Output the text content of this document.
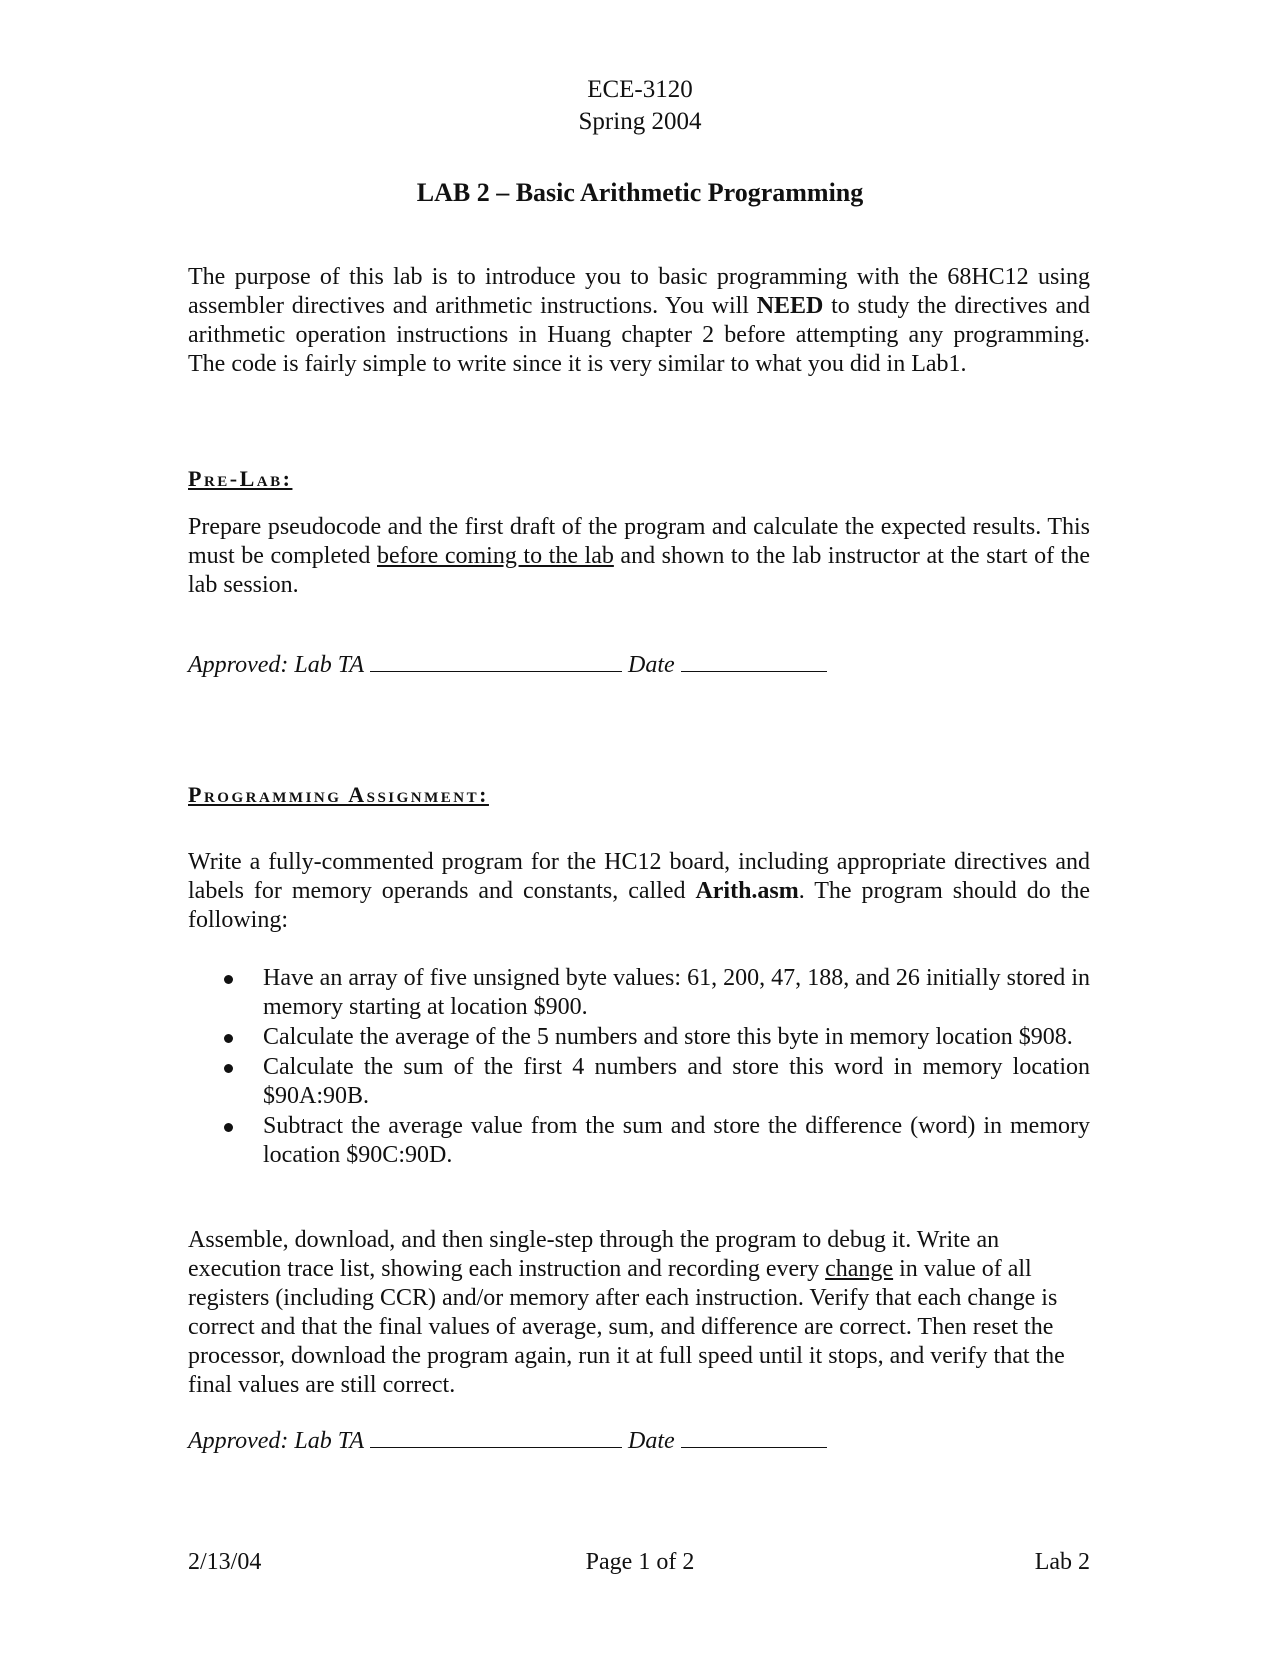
ECE-3120
Spring 2004
LAB 2 – Basic Arithmetic Programming

The purpose of this lab is to introduce you to basic programming with the 68HC12 using assembler directives and arithmetic instructions. You will NEED to study the directives and arithmetic operation instructions in Huang chapter 2 before attempting any programming. The code is fairly simple to write since it is very similar to what you did in Lab1.

Pre-Lab:

Prepare pseudocode and the first draft of the program and calculate the expected results. This must be completed before coming to the lab and shown to the lab instructor at the start of the lab session.

Approved: Lab TA	Date
Programming Assignment:

Write a fully-commented program for the HC12 board, including appropriate directives and labels for memory operands and constants, called Arith.asm. The program should do the following:

Have an array of five unsigned byte values: 61, 200, 47, 188, and 26 initially stored in memory starting at location $900.
Calculate the average of the 5 numbers and store this byte in memory location $908.
Calculate the sum of the first 4 numbers and store this word in memory location $90A:90B.
Subtract the average value from the sum and store the difference (word) in memory location $90C:90D.

Assemble, download, and then single-step through the program to debug it. Write an execution trace list, showing each instruction and recording every change in value of all registers (including CCR) and/or memory after each instruction. Verify that each change is correct and that the final values of average, sum, and difference are correct. Then reset the processor, download the program again, run it at full speed until it stops, and verify that the final values are still correct.

Approved: Lab TA	Date
2/13/04	Page 1 of 2	Lab 2
